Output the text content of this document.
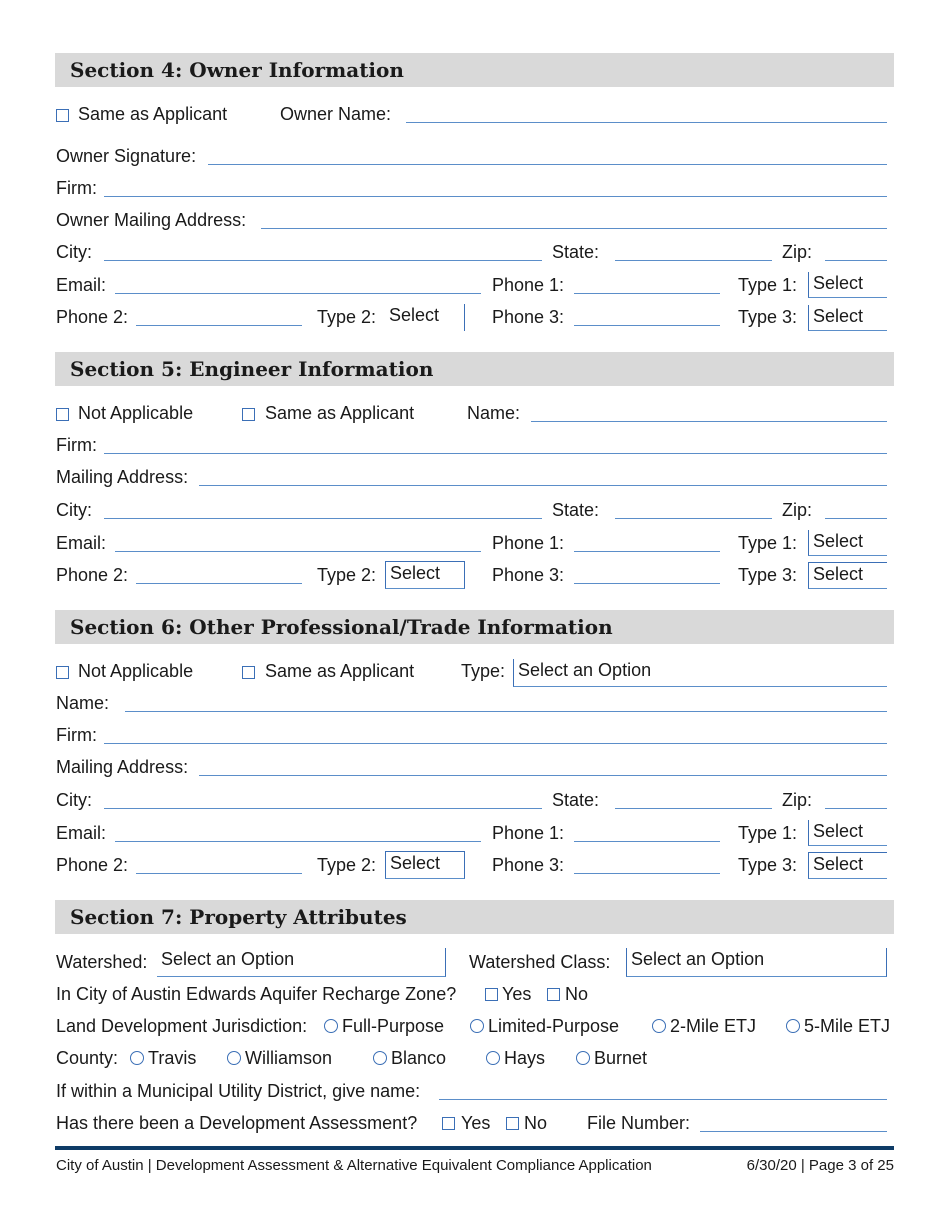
Section 4: Owner Information
Same as Applicant	Owner Name:
Owner Signature:
Firm:
Owner Mailing Address:
City:	State:	Zip:
Email:	Phone 1:	Type 1: Select
Phone 2:	Type 2: Select	Phone 3:	Type 3: Select
Section 5: Engineer Information
Not Applicable	Same as Applicant	Name:
Firm:
Mailing Address:
City:	State:	Zip:
Email:	Phone 1:	Type 1: Select
Phone 2:	Type 2: Select	Phone 3:	Type 3: Select
Section 6: Other Professional/Trade Information
Not Applicable	Same as Applicant	Type: Select an Option
Name:
Firm:
Mailing Address:
City:	State:	Zip:
Email:	Phone 1:	Type 1: Select
Phone 2:	Type 2: Select	Phone 3:	Type 3: Select
Section 7: Property Attributes
Watershed: Select an Option	Watershed Class: Select an Option
In City of Austin Edwards Aquifer Recharge Zone?	Yes No
Land Development Jurisdiction: Full-Purpose Limited-Purpose	2-Mile ETJ	5-Mile ETJ
County: Travis	Williamson	Blanco	Hays	Burnet
If within a Municipal Utility District, give name:
Has there been a Development Assessment? Yes No File Number:
City of Austin | Development Assessment & Alternative Equivalent Compliance Application	6/30/20 | Page 3 of 25
